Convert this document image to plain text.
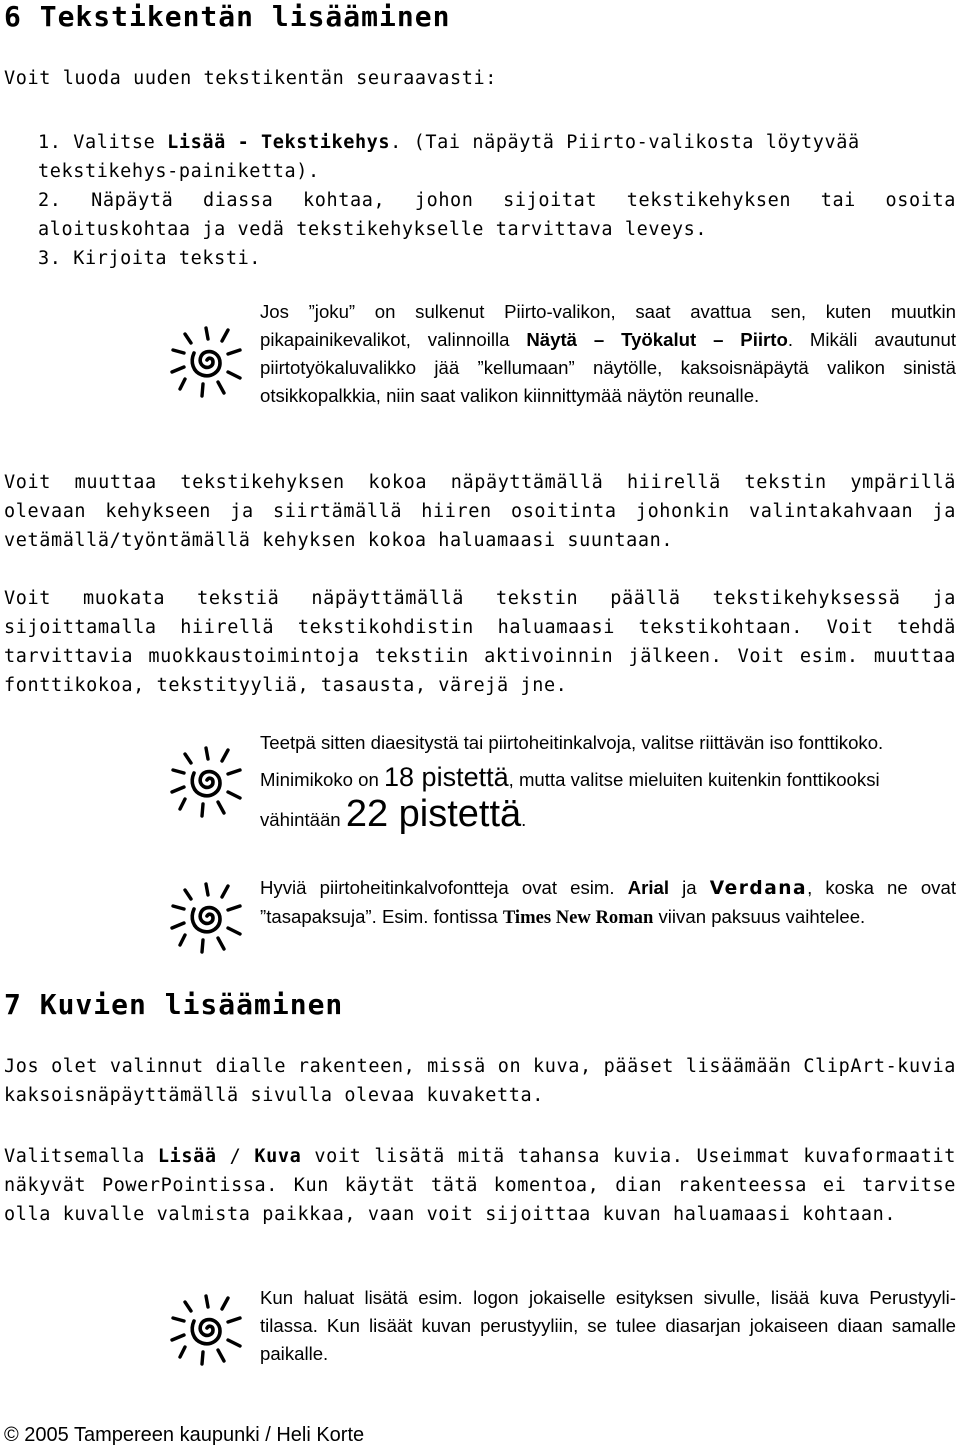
6 Tekstikentän lisääminen
Voit luoda uuden tekstikentän seuraavasti:
1. Valitse Lisää - Tekstikehys. (Tai näpäytä Piirto-valikosta löytyvää tekstikehys-painiketta).
2. Näpäytä diassa kohtaa, johon sijoitat tekstikehyksen tai osoita aloituskohtaa ja vedä tekstikehykselle tarvittava leveys.
3. Kirjoita teksti.
Jos ”joku” on sulkenut Piirto-valikon, saat avattua sen, kuten muutkin pikapainikevalikot, valinnoilla Näytä – Työkalut – Piirto. Mikäli avautunut piirtotyökaluvalikko jää ”kellumaan” näytölle, kaksoisnäpäytä valikon sinistä otsikkopalkkia, niin saat valikon kiinnittymää näytön reunalle.
Voit muuttaa tekstikehyksen kokoa näpäyttämällä hiirellä tekstin ympärillä olevaan kehykseen ja siirtämällä hiiren osoitinta johonkin valintakahvaan ja vetämällä/työntämällä kehyksen kokoa haluamaasi suuntaan.
Voit muokata tekstiä näpäyttämällä tekstin päällä tekstikehyksessä ja sijoittamalla hiirellä tekstikohdistin haluamaasi tekstikohtaan. Voit tehdä tarvittavia muokkaustoimintoja tekstiin aktivoinnin jälkeen. Voit esim. muuttaa fonttikokoa, tekstityyliä, tasausta, värejä jne.
Teetpä sitten diaesitystä tai piirtoheitinkalvoja, valitse riittävän iso fonttikoko. Minimikoko on 18 pistettä, mutta valitse mieluiten kuitenkin fonttikooksi vähintään 22 pistettä.
Hyviä piirtoheitinkalvofontteja ovat esim. Arial ja Verdana, koska ne ovat ”tasapaksuja”. Esim. fontissa Times New Roman viivan paksuus vaihtelee.
7 Kuvien lisääminen
Jos olet valinnut dialle rakenteen, missä on kuva, pääset lisäämään ClipArt-kuvia kaksoisnäpäyttämällä sivulla olevaa kuvaketta.
Valitsemalla Lisää / Kuva voit lisätä mitä tahansa kuvia. Useimmat kuvaformaatit näkyvät PowerPointissa. Kun käytät tätä komentoa, dian rakenteessa ei tarvitse olla kuvalle valmista paikkaa, vaan voit sijoittaa kuvan haluamaasi kohtaan.
Kun haluat lisätä esim. logon jokaiselle esityksen sivulle, lisää kuva Perustyyli-tilassa. Kun lisäät kuvan perustyyliin, se tulee diasarjan jokaiseen diaan samalle paikalle.
© 2005 Tampereen kaupunki / Heli Korte
